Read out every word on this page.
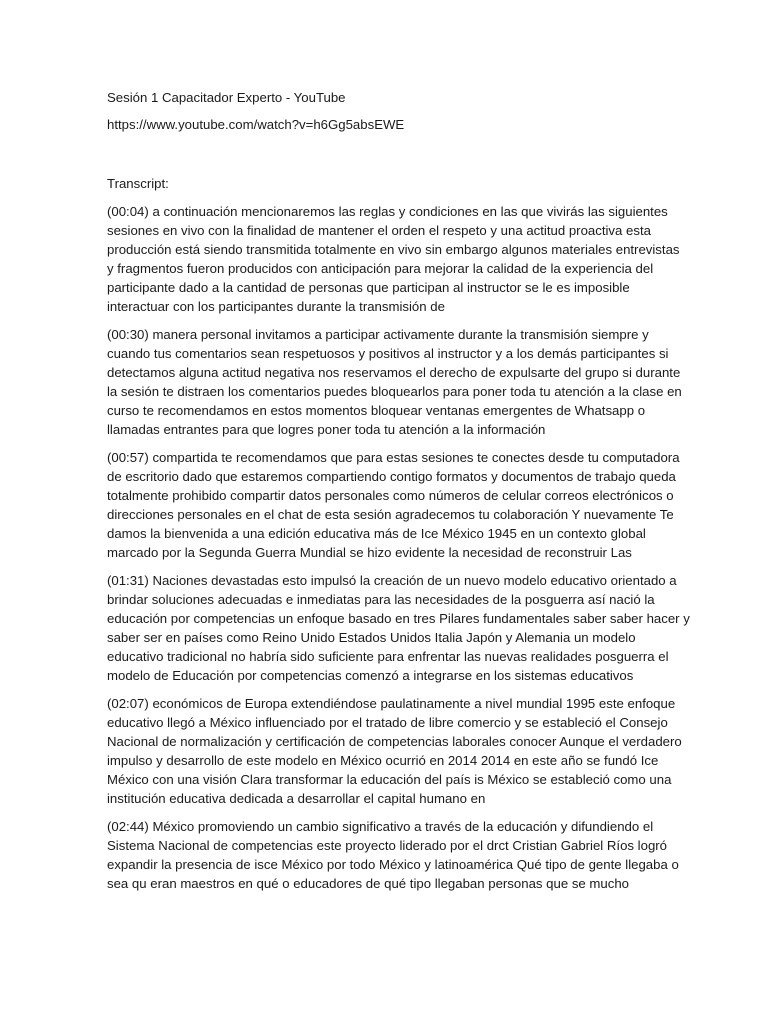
Sesión 1 Capacitador Experto - YouTube

https://www.youtube.com/watch?v=h6Gg5absEWE

Transcript:

(00:04) a continuación mencionaremos las reglas y condiciones en las que vivirás las siguientes

sesiones en vivo con la finalidad de mantener el orden el respeto y una actitud proactiva esta

producción está siendo transmitida totalmente en vivo sin embargo algunos materiales entrevistas

y fragmentos fueron producidos con anticipación para mejorar la calidad de la experiencia del

participante dado a la cantidad de personas que participan al instructor se le es imposible

interactuar con los participantes durante la transmisión de

(00:30) manera personal invitamos a participar activamente durante la transmisión siempre y

cuando tus comentarios sean respetuosos y positivos al instructor y a los demás participantes si

detectamos alguna actitud negativa nos reservamos el derecho de expulsarte del grupo si durante

la sesión te distraen los comentarios puedes bloquearlos para poner toda tu atención a la clase en

curso te recomendamos en estos momentos bloquear ventanas emergentes de Whatsapp o

llamadas entrantes para que logres poner toda tu atención a la información

(00:57) compartida te recomendamos que para estas sesiones te conectes desde tu computadora

de escritorio dado que estaremos compartiendo contigo formatos y documentos de trabajo queda

totalmente prohibido compartir datos personales como números de celular correos electrónicos o

direcciones personales en el chat de esta sesión agradecemos tu colaboración Y nuevamente Te

damos la bienvenida a una edición educativa más de Ice México 1945 en un contexto global

marcado por la Segunda Guerra Mundial se hizo evidente la necesidad de reconstruir Las

(01:31) Naciones devastadas esto impulsó la creación de un nuevo modelo educativo orientado a

brindar soluciones adecuadas e inmediatas para las necesidades de la posguerra así nació la

educación por competencias un enfoque basado en tres Pilares fundamentales saber saber hacer y

saber ser en países como Reino Unido Estados Unidos Italia Japón y Alemania un modelo

educativo tradicional no habría sido suficiente para enfrentar las nuevas realidades posguerra el

modelo de Educación por competencias comenzó a integrarse en los sistemas educativos

(02:07) económicos de Europa extendiéndose paulatinamente a nivel mundial 1995 este enfoque

educativo llegó a México influenciado por el tratado de libre comercio y se estableció el Consejo

Nacional de normalización y certificación de competencias laborales conocer Aunque el verdadero

impulso y desarrollo de este modelo en México ocurrió en 2014 2014 en este año se fundó Ice

México con una visión Clara transformar la educación del país is México se estableció como una

institución educativa dedicada a desarrollar el capital humano en

(02:44) México promoviendo un cambio significativo a través de la educación y difundiendo el

Sistema Nacional de competencias este proyecto liderado por el drct Cristian Gabriel Ríos logró

expandir la presencia de isce México por todo México y latinoamérica Qué tipo de gente llegaba o

sea qu eran maestros en qué o educadores de qué tipo llegaban personas que se mucho
